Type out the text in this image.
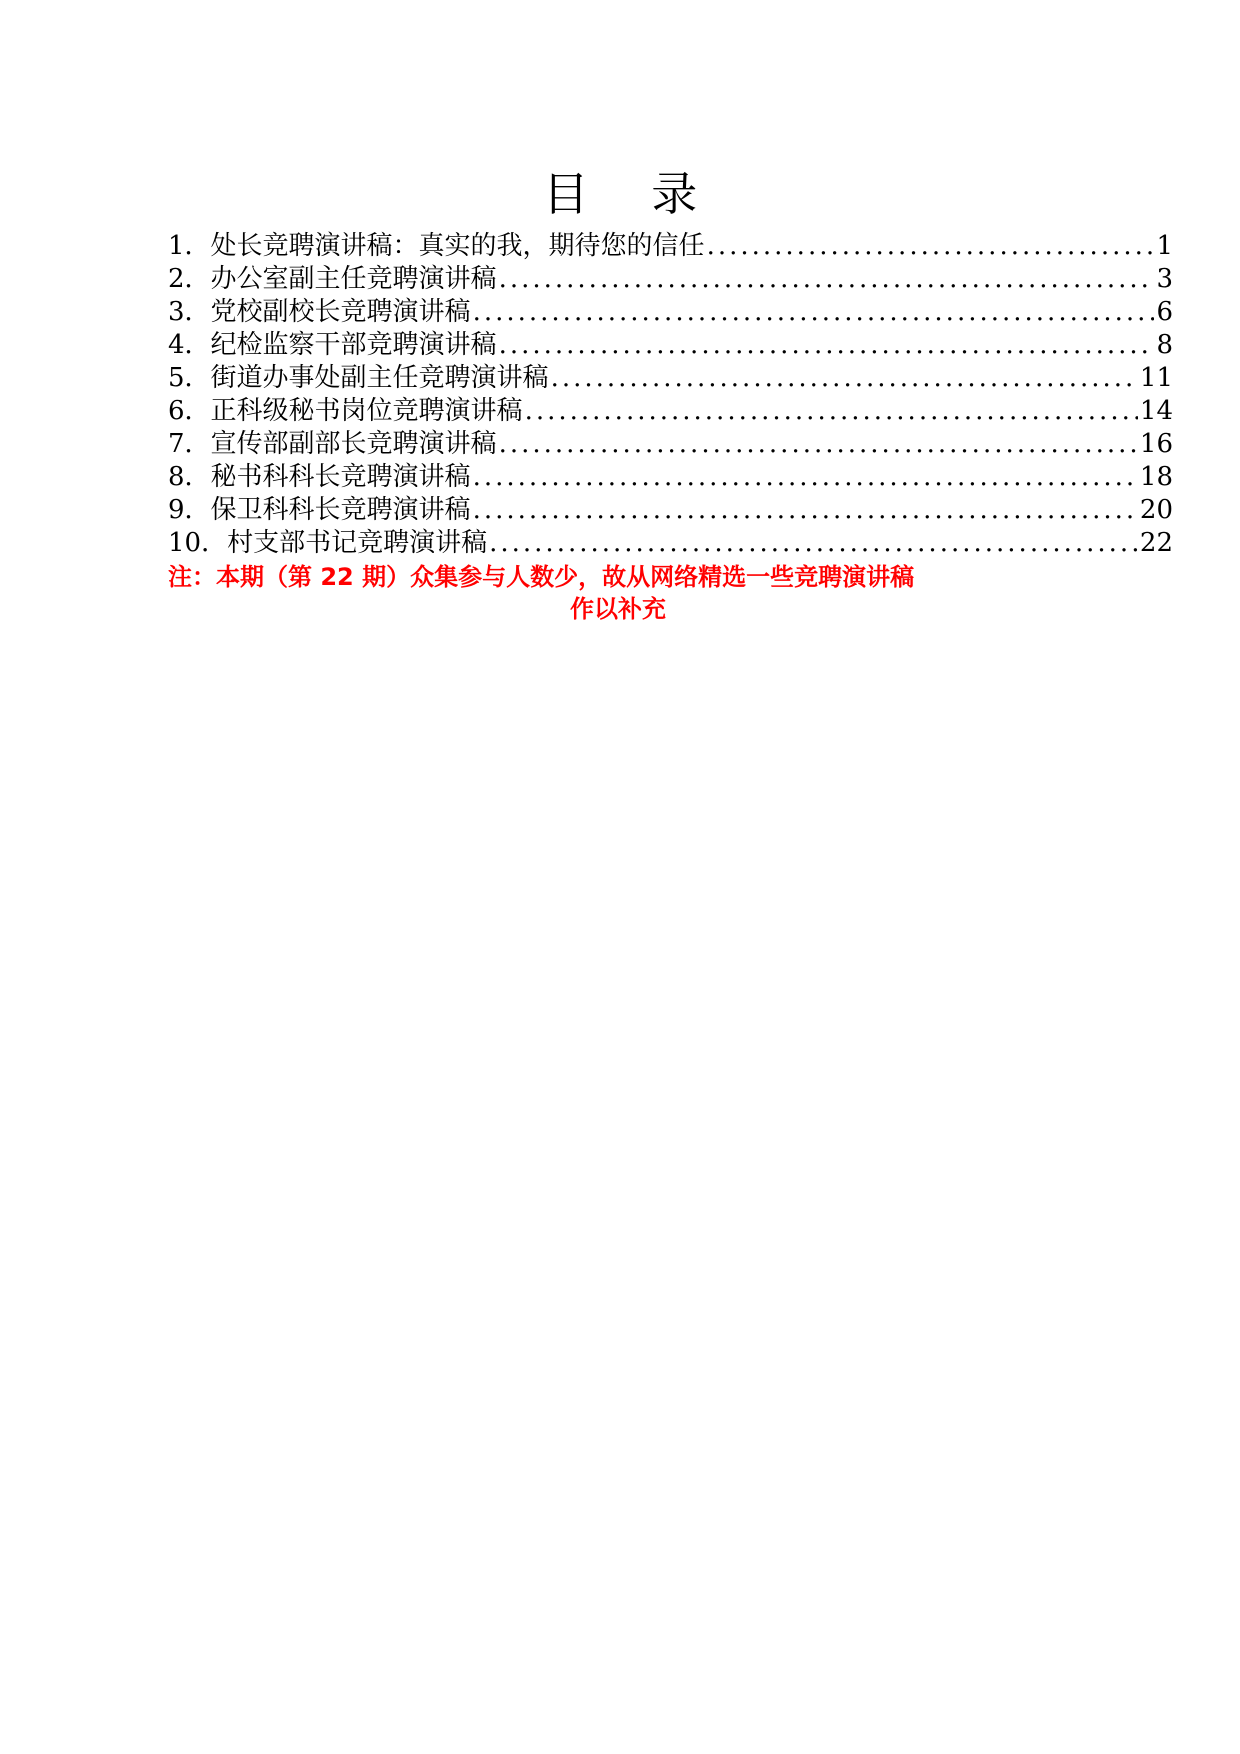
目 录
1． 处长竞聘演讲稿：真实的我，期待您的信任 .....	1
2． 办公室副主任竞聘演讲稿 .....	3
3． 党校副校长竞聘演讲稿 .....	6
4． 纪检监察干部竞聘演讲稿 .....	8
5． 街道办事处副主任竞聘演讲稿 .....	11
6． 正科级秘书岗位竞聘演讲稿 .....	14
7． 宣传部副部长竞聘演讲稿 .....	16
8． 秘书科科长竞聘演讲稿 .....	18
9． 保卫科科长竞聘演讲稿 .....	20
10． 村支部书记竞聘演讲稿 .....	22
注：本期（第 22 期）众集参与人数少，故从网络精选一些竞聘演讲稿
作以补充
